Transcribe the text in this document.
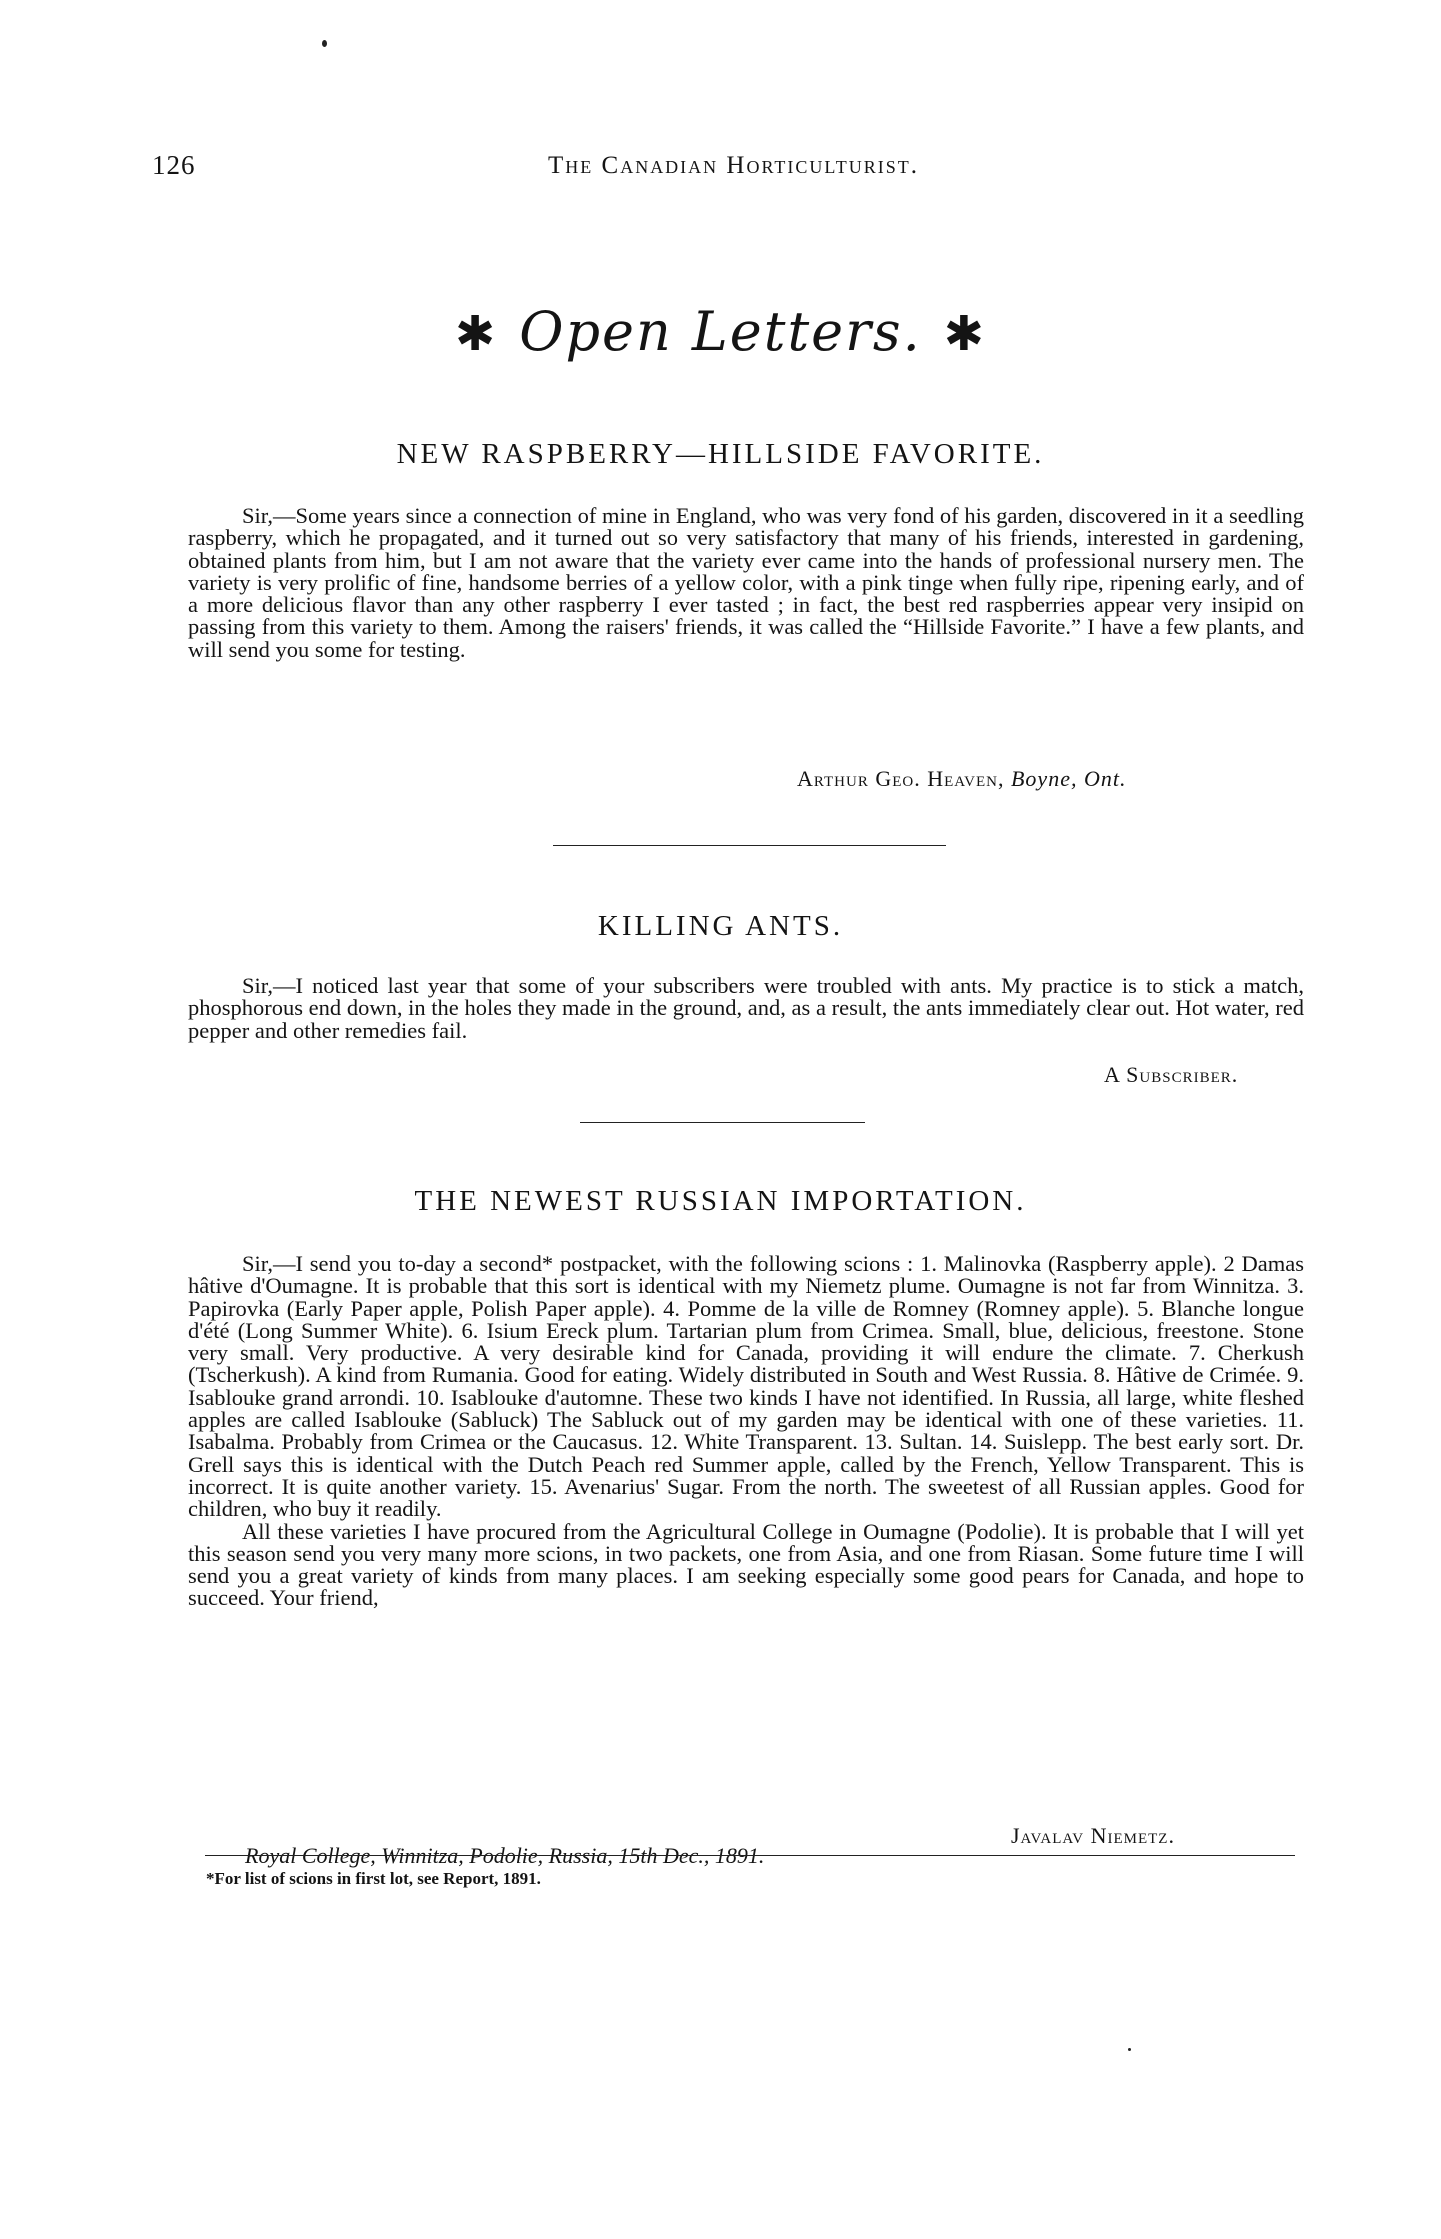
126	The Canadian Horticulturist.
✱ Open Letters. ✱
NEW RASPBERRY—HILLSIDE FAVORITE.

Sir,—Some years since a connection of mine in England, who was very fond of his garden, discovered in it a seedling raspberry, which he propagated, and it turned out so very satisfactory that many of his friends, interested in gardening, obtained plants from him, but I am not aware that the variety ever came into the hands of professional nursery men. The variety is very prolific of fine, handsome berries of a yellow color, with a pink tinge when fully ripe, ripening early, and of a more delicious flavor than any other raspberry I ever tasted ; in fact, the best red raspberries appear very insipid on passing from this variety to them. Among the raisers' friends, it was called the “Hillside Favorite.” I have a few plants, and will send you some for testing.

Arthur Geo. Heaven, Boyne, Ont.
KILLING ANTS.

Sir,—I noticed last year that some of your subscribers were troubled with ants. My practice is to stick a match, phosphorous end down, in the holes they made in the ground, and, as a result, the ants immediately clear out. Hot water, red pepper and other remedies fail.

A Subscriber.
THE NEWEST RUSSIAN IMPORTATION.

Sir,—I send you to-day a second* postpacket, with the following scions : 1. Malinovka (Raspberry apple). 2 Damas hâtive d'Oumagne. It is probable that this sort is identical with my Niemetz plume. Oumagne is not far from Winnitza. 3. Papirovka (Early Paper apple, Polish Paper apple). 4. Pomme de la ville de Romney (Romney apple). 5. Blanche longue d'été (Long Summer White). 6. Isium Ereck plum. Tartarian plum from Crimea. Small, blue, delicious, freestone. Stone very small. Very productive. A very desirable kind for Canada, providing it will endure the climate. 7. Cherkush (Tscherkush). A kind from Rumania. Good for eating. Widely distributed in South and West Russia. 8. Hâtive de Crimée. 9. Isablouke grand arrondi. 10. Isablouke d'automne. These two kinds I have not identified. In Russia, all large, white fleshed apples are called Isablouke (Sabluck) The Sabluck out of my garden may be identical with one of these varieties. 11. Isabalma. Probably from Crimea or the Caucasus. 12. White Transparent. 13. Sultan. 14. Suislepp. The best early sort. Dr. Grell says this is identical with the Dutch Peach red Summer apple, called by the French, Yellow Transparent. This is incorrect. It is quite another variety. 15. Avenarius' Sugar. From the north. The sweetest of all Russian apples. Good for children, who buy it readily.

All these varieties I have procured from the Agricultural College in Oumagne (Podolie). It is probable that I will yet this season send you very many more scions, in two packets, one from Asia, and one from Riasan. Some future time I will send you a great variety of kinds from many places. I am seeking especially some good pears for Canada, and hope to succeed. Your friend,

Javalav Niemetz.
Royal College, Winnitza, Podolie, Russia, 15th Dec., 1891.
*For list of scions in first lot, see Report, 1891.
